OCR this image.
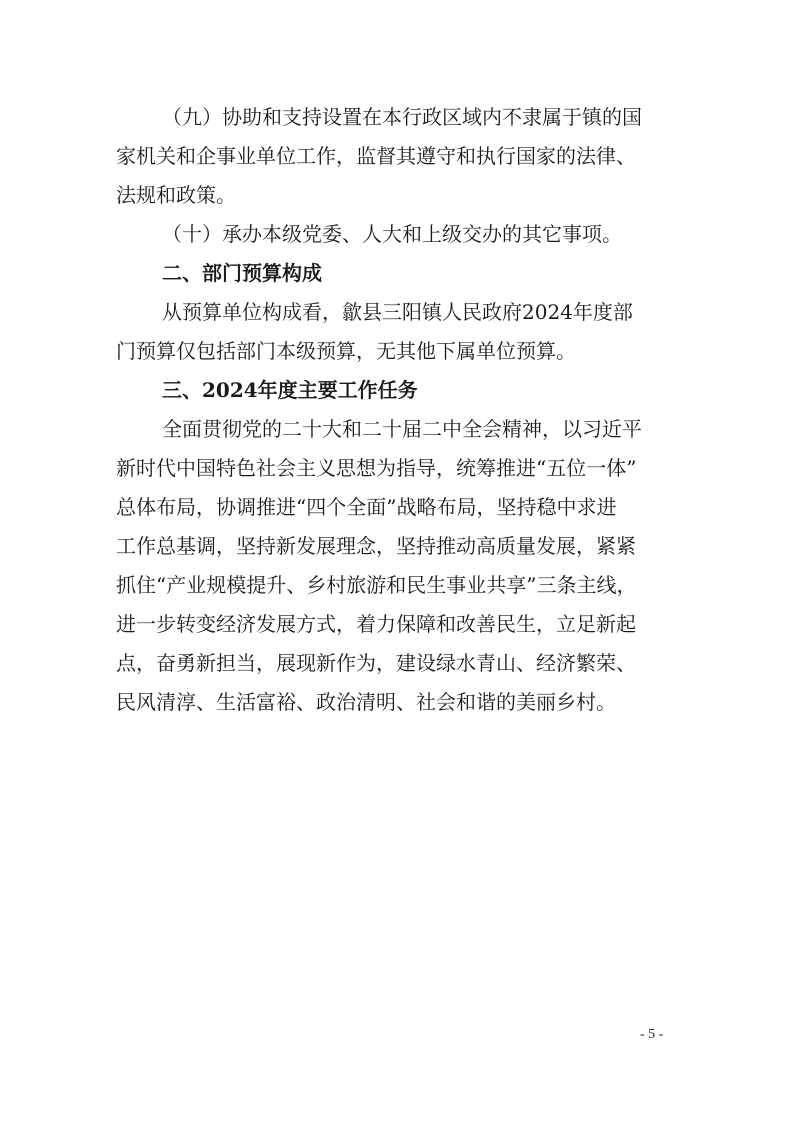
（九）协助和支持设置在本行政区域内不隶属于镇的国
家机关和企事业单位工作，监督其遵守和执行国家的法律、
法规和政策。
（十）承办本级党委、人大和上级交办的其它事项。
二、部门预算构成
从预算单位构成看，歙县三阳镇人民政府2024年度部
门预算仅包括部门本级预算，无其他下属单位预算。
三、2024年度主要工作任务
全面贯彻党的二十大和二十届二中全会精神，以习近平
新时代中国特色社会主义思想为指导，统筹推进“五位一体”
总体布局，协调推进“四个全面”战略布局，坚持稳中求进
工作总基调，坚持新发展理念，坚持推动高质量发展，紧紧
抓住“产业规模提升、乡村旅游和民生事业共享”三条主线，
进一步转变经济发展方式，着力保障和改善民生，立足新起
点，奋勇新担当，展现新作为，建设绿水青山、经济繁荣、
民风清淳、生活富裕、政治清明、社会和谐的美丽乡村。
- 5 -
